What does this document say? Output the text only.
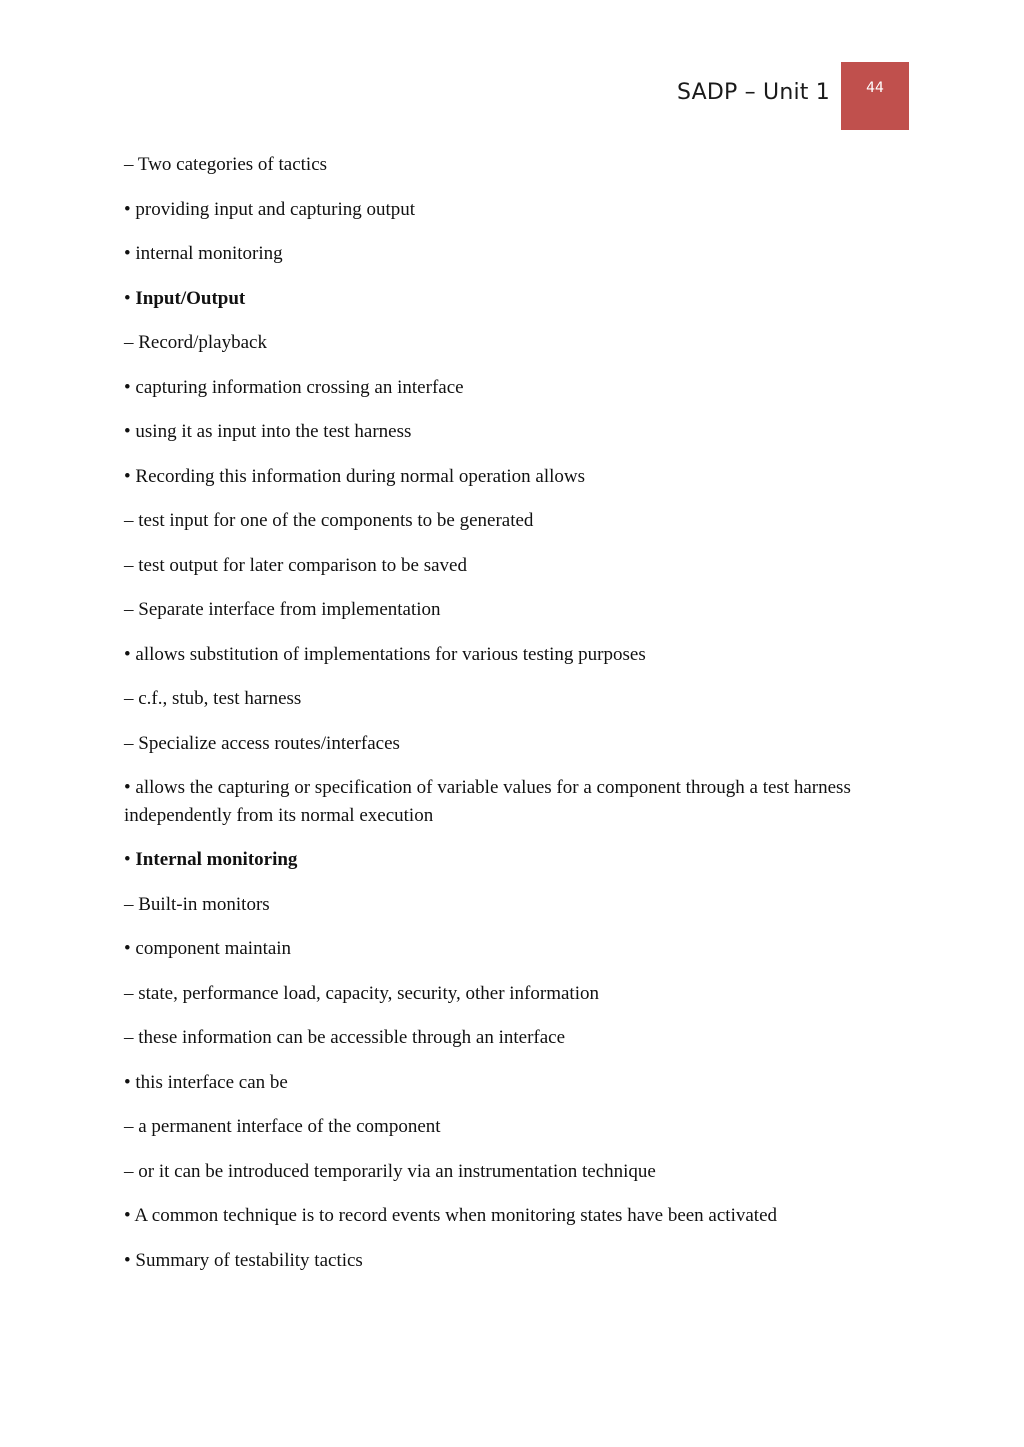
SADP – Unit 1	44

– Two categories of tactics

• providing input and capturing output

• internal monitoring

• Input/Output

– Record/playback

• capturing information crossing an interface

• using it as input into the test harness

• Recording this information during normal operation allows

– test input for one of the components to be generated

– test output for later comparison to be saved

– Separate interface from implementation

• allows substitution of implementations for various testing purposes

– c.f., stub, test harness

– Specialize access routes/interfaces

• allows the capturing or specification of variable values for a component through a test harness independently from its normal execution

• Internal monitoring

– Built-in monitors

• component maintain

– state, performance load, capacity, security, other information

– these information can be accessible through an interface

• this interface can be

– a permanent interface of the component

– or it can be introduced temporarily via an instrumentation technique

• A common technique is to record events when monitoring states have been activated

• Summary of testability tactics
